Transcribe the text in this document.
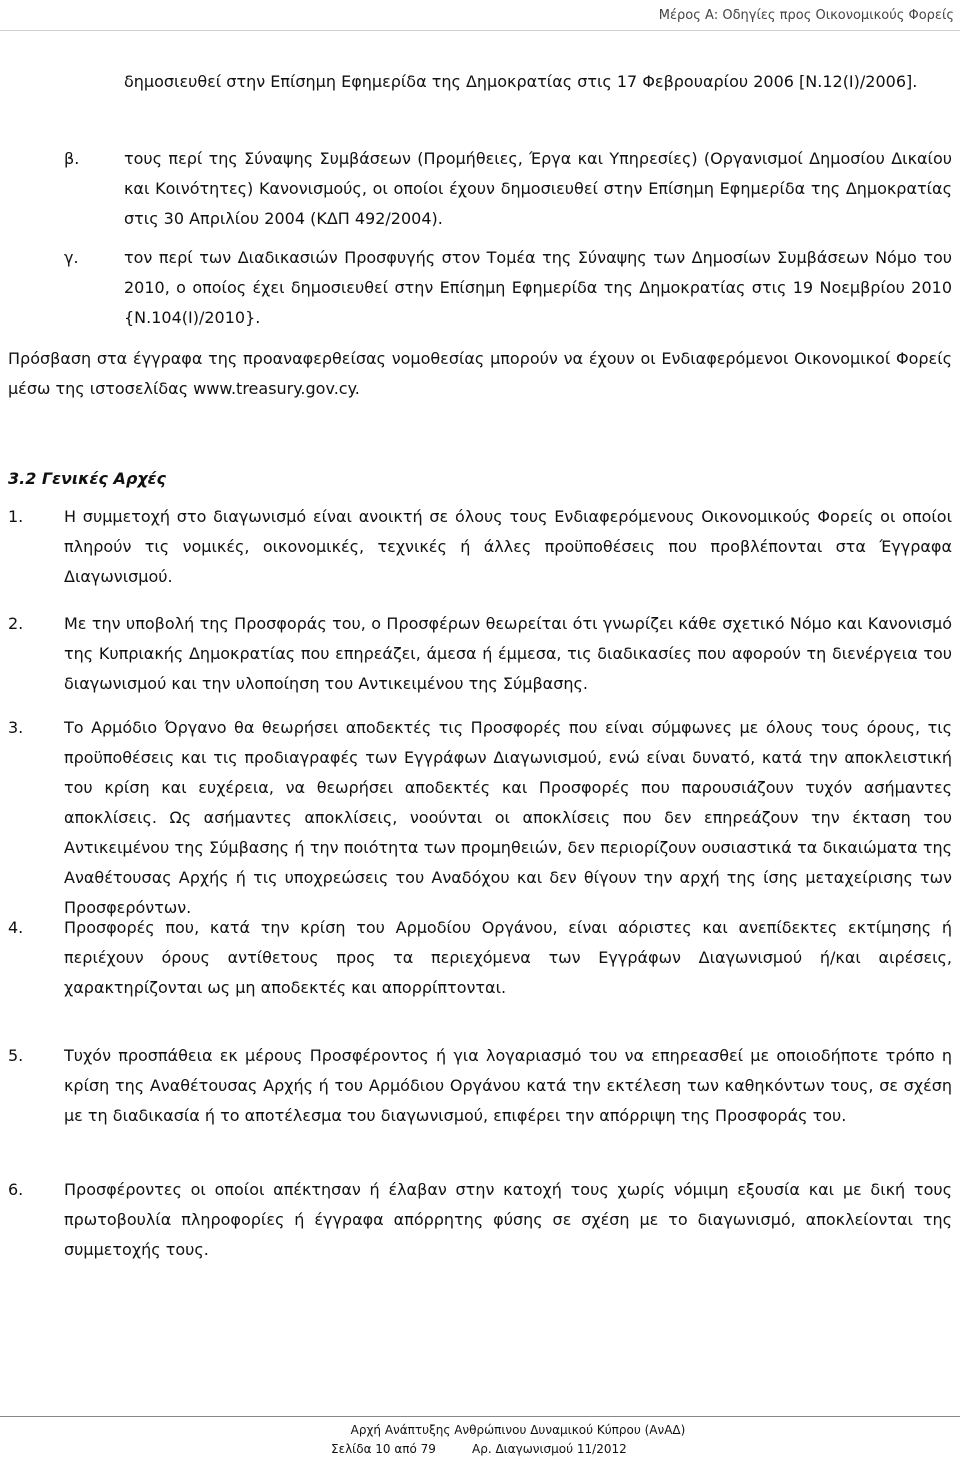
Μέρος Α: Οδηγίες προς Οικονομικούς Φορείς

δημοσιευθεί στην Επίσημη Εφημερίδα της Δημοκρατίας στις 17 Φεβρουαρίου 2006 [Ν.12(Ι)/2006].

β.	τους περί της Σύναψης Συμβάσεων (Προμήθειες, Έργα και Υπηρεσίες) (Οργανισμοί Δημοσίου Δικαίου και Κοινότητες) Κανονισμούς, οι οποίοι έχουν δημοσιευθεί στην Επίσημη Εφημερίδα της Δημοκρατίας στις 30 Απριλίου 2004 (ΚΔΠ 492/2004).

γ.	τον περί των Διαδικασιών Προσφυγής στον Τομέα της Σύναψης των Δημοσίων Συμβάσεων Νόμο του 2010, ο οποίος έχει δημοσιευθεί στην Επίσημη Εφημερίδα της Δημοκρατίας στις 19 Νοεμβρίου 2010 {Ν.104(Ι)/2010}.

Πρόσβαση στα έγγραφα της προαναφερθείσας νομοθεσίας μπορούν να έχουν οι Ενδιαφερόμενοι Οικονομικοί Φορείς μέσω της ιστοσελίδας www.treasury.gov.cy.

3.2 Γενικές Αρχές
1.	Η συμμετοχή στο διαγωνισμό είναι ανοικτή σε όλους τους Ενδιαφερόμενους Οικονομικούς Φορείς οι οποίοι πληρούν τις νομικές, οικονομικές, τεχνικές ή άλλες προϋποθέσεις που προβλέπονται στα Έγγραφα Διαγωνισμού.

2.	Με την υποβολή της Προσφοράς του, ο Προσφέρων θεωρείται ότι γνωρίζει κάθε σχετικό Νόμο και Κανονισμό της Κυπριακής Δημοκρατίας που επηρεάζει, άμεσα ή έμμεσα, τις διαδικασίες που αφορούν τη διενέργεια του διαγωνισμού και την υλοποίηση του Αντικειμένου της Σύμβασης.

3.	Το Αρμόδιο Όργανο θα θεωρήσει αποδεκτές τις Προσφορές που είναι σύμφωνες με όλους τους όρους, τις προϋποθέσεις και τις προδιαγραφές των Εγγράφων Διαγωνισμού, ενώ είναι δυνατό, κατά την αποκλειστική του κρίση και ευχέρεια, να θεωρήσει αποδεκτές και Προσφορές που παρουσιάζουν τυχόν ασήμαντες αποκλίσεις. Ως ασήμαντες αποκλίσεις, νοούνται οι αποκλίσεις που δεν επηρεάζουν την έκταση του Αντικειμένου της Σύμβασης ή την ποιότητα των προμηθειών, δεν περιορίζουν ουσιαστικά τα δικαιώματα της Αναθέτουσας Αρχής ή τις υποχρεώσεις του Αναδόχου και δεν θίγουν την αρχή της ίσης μεταχείρισης των Προσφερόντων.

4.	Προσφορές που, κατά την κρίση του Αρμοδίου Οργάνου, είναι αόριστες και ανεπίδεκτες εκτίμησης ή περιέχουν όρους αντίθετους προς τα περιεχόμενα των Εγγράφων Διαγωνισμού ή/και αιρέσεις, χαρακτηρίζονται ως μη αποδεκτές και απορρίπτονται.

5.	Τυχόν προσπάθεια εκ μέρους Προσφέροντος ή για λογαριασμό του να επηρεασθεί με οποιοδήποτε τρόπο η κρίση της Αναθέτουσας Αρχής ή του Αρμόδιου Οργάνου κατά την εκτέλεση των καθηκόντων τους, σε σχέση με τη διαδικασία ή το αποτέλεσμα του διαγωνισμού, επιφέρει την απόρριψη της Προσφοράς του.

6.	Προσφέροντες οι οποίοι απέκτησαν ή έλαβαν στην κατοχή τους χωρίς νόμιμη εξουσία και με δική τους πρωτοβουλία πληροφορίες ή έγγραφα απόρρητης φύσης σε σχέση με το διαγωνισμό, αποκλείονται της συμμετοχής τους.

Αρχή Ανάπτυξης Ανθρώπινου Δυναμικού Κύπρου (ΑνΑΔ)
Σελίδα 10 από 79	Αρ. Διαγωνισμού 11/2012
